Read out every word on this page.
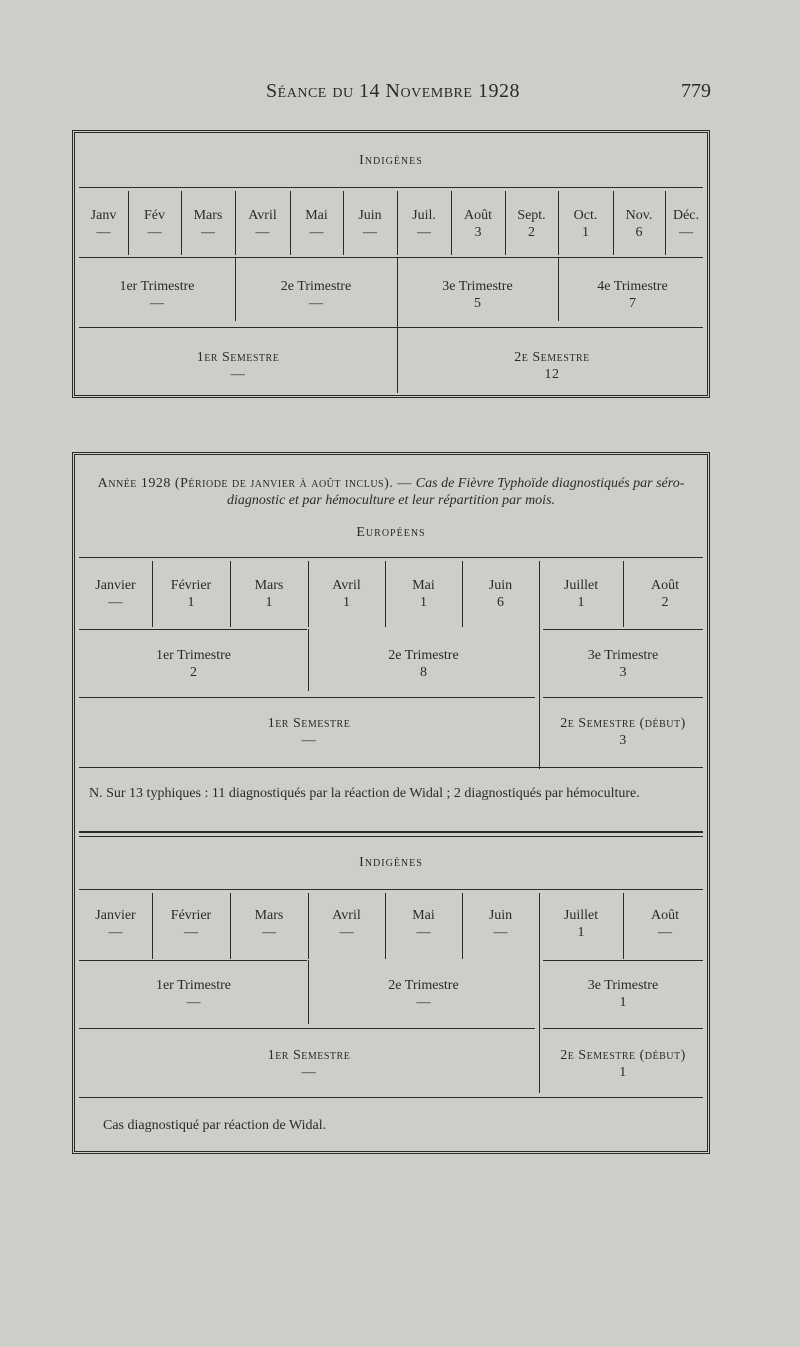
Séance du 14 Novembre 1928	779
Indigènes
Janv
—
Fév
—
Mars
—
Avril
—
Mai
—
Juin
—
Juil.
—
Août
3
Sept.
2
Oct.
1
Nov.
6
Déc.
—
1er Trimestre
—
2e Trimestre
—
3e Trimestre
5
4e Trimestre
7
1er Semestre
—
2e Semestre
12
Année 1928 (Période de janvier à août inclus). — Cas de Fièvre Typhoïde diagnostiqués par séro-diagnostic et par hémoculture et leur répartition par mois.
Européens
Janvier
—
Février
1
Mars
1
Avril
1
Mai
1
Juin
6
Juillet
1
Août
2
1er Trimestre
2
2e Trimestre
8
3e Trimestre
3
1er Semestre
—
2e Semestre (début)
3
N. Sur 13 typhiques : 11 diagnostiqués par la réaction de Widal ; 2 diagnostiqués par hémoculture.
Indigènes
Janvier
—
Février
—
Mars
—
Avril
—
Mai
—
Juin
—
Juillet
1
Août
—
1er Trimestre
—
2e Trimestre
—
3e Trimestre
1
1er Semestre
—
2e Semestre (début)
1
Cas diagnostiqué par réaction de Widal.
